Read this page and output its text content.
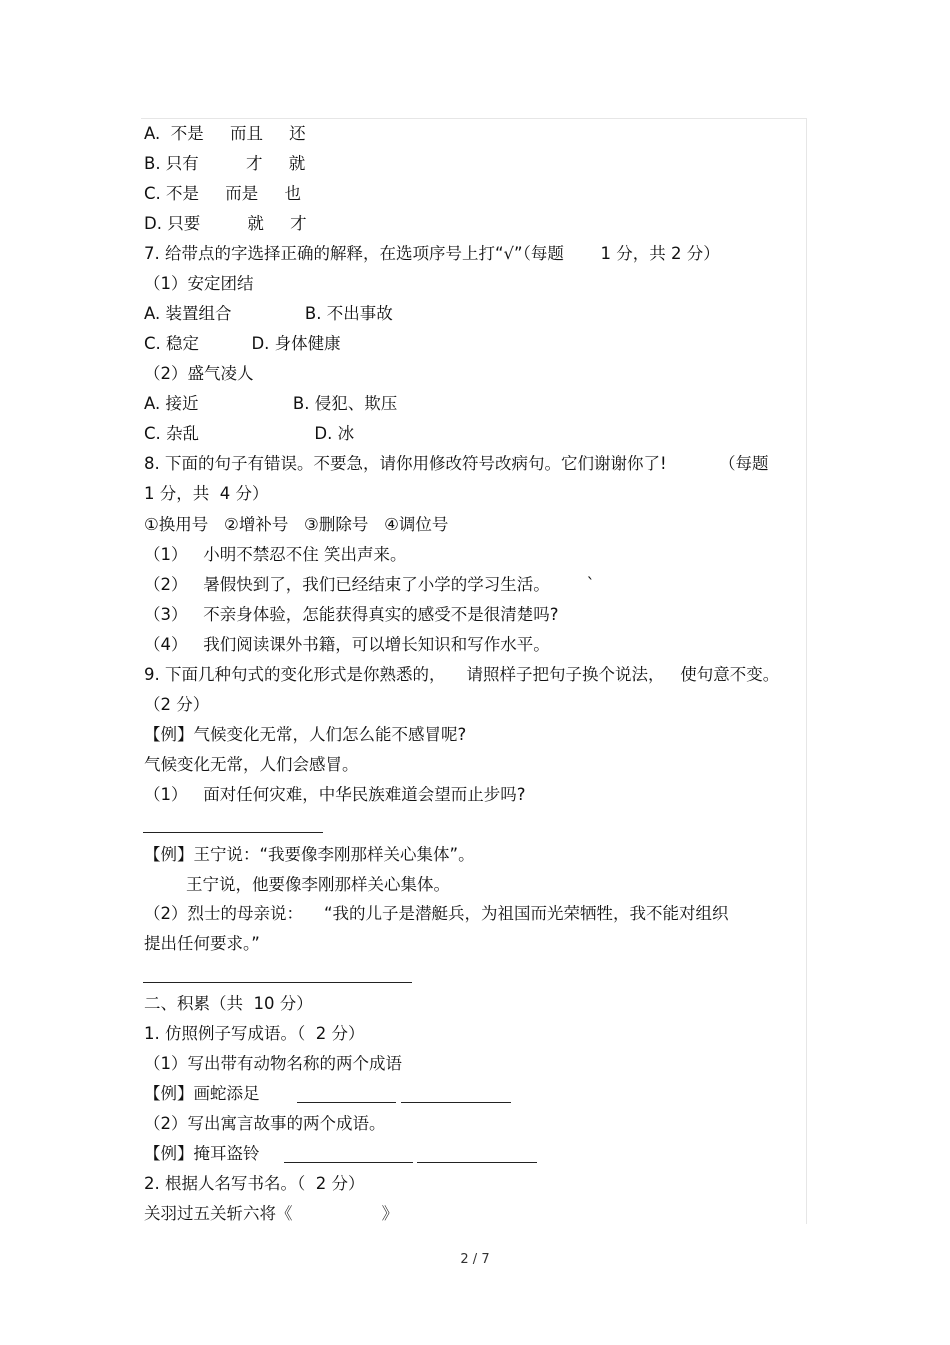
A.  不是     而且     还

B. 只有         才     就

C. 不是     而是     也

D. 只要         就     才

7. 给带点的字选择正确的解释，在选项序号上打“√”（每题       1 分，共 2 分）

（1）安定团结

A. 装置组合              B. 不出事故

C. 稳定          D. 身体健康

（2）盛气凌人

A. 接近                  B. 侵犯、欺压

C. 杂乱                      D. 冰

8. 下面的句子有错误。不要急，请你用修改符号改病句。它们谢谢你了!          （每题

1 分，共  4 分）

①换用号   ②增补号   ③删除号   ④调位号

（1）   小明不禁忍不住 笑出声来。

（2）   暑假快到了，我们已经结束了小学的学习生活。       `

（3）   不亲身体验，怎能获得真实的感受不是很清楚吗?

（4）   我们阅读课外书籍，可以增长知识和写作水平。

9. 下面几种句式的变化形式是你熟悉的，    请照样子把句子换个说法，   使句意不变。

（2 分）

【例】气候变化无常，人们怎么能不感冒呢?

气候变化无常，人们会感冒。

（1）   面对任何灾难，中华民族难道会望而止步吗?

【例】王宁说：“我要像李刚那样关心集体”。

王宁说，他要像李刚那样关心集体。

（2）烈士的母亲说：    “我的儿子是潜艇兵，为祖国而光荣牺牲，我不能对组织

提出任何要求。”

二、积累（共  10 分）

1. 仿照例子写成语。（  2 分）

（1）写出带有动物名称的两个成语

【例】画蛇添足

（2）写出寓言故事的两个成语。

【例】掩耳盗铃

2. 根据人名写书名。（  2 分）

关羽过五关斩六将《                 》

2 / 7
